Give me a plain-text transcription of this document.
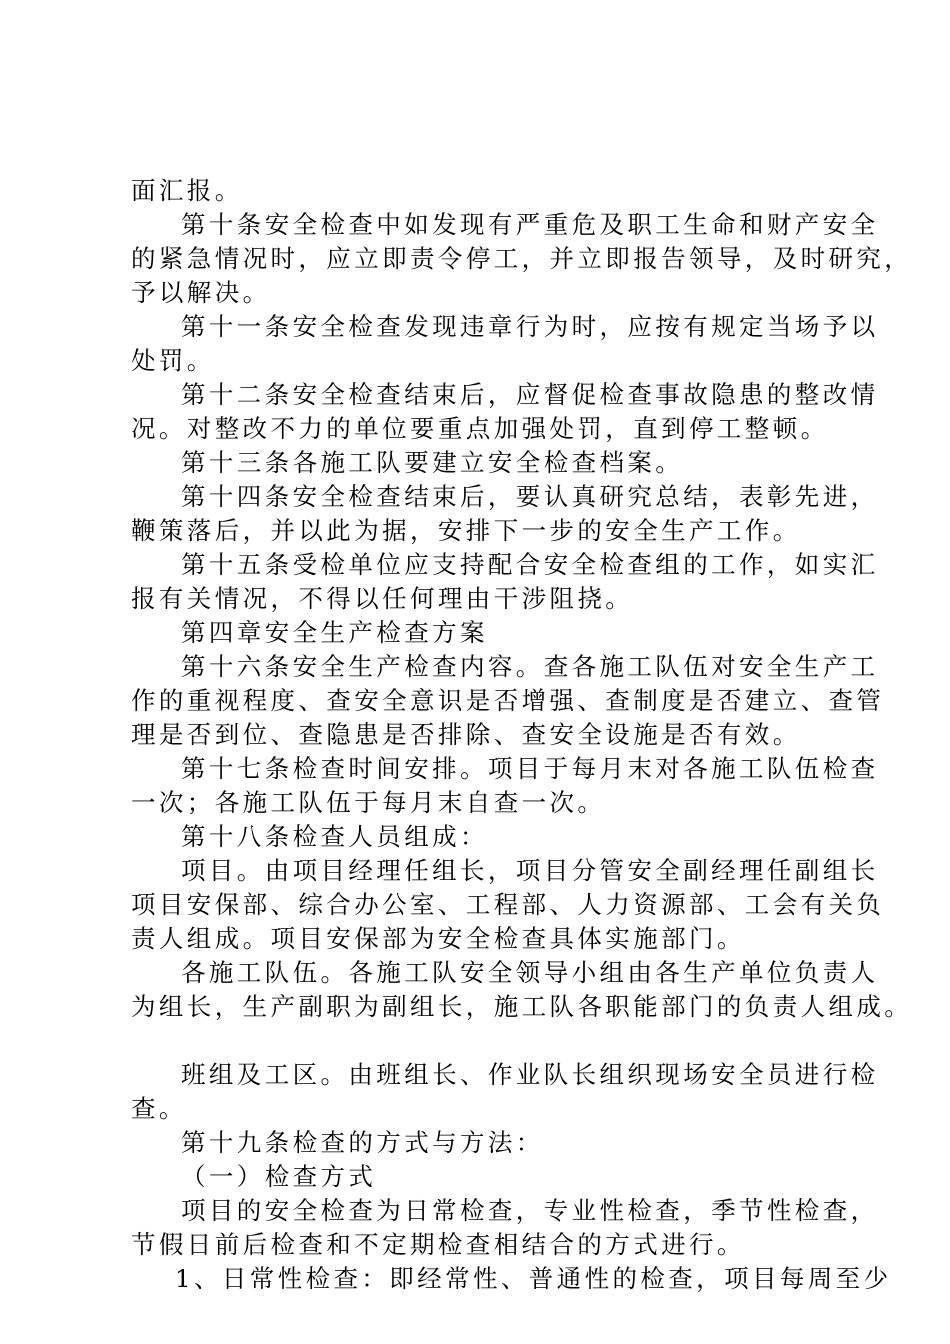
面汇报。
第十条安全检查中如发现有严重危及职工生命和财产安全
的紧急情况时，应立即责令停工，并立即报告领导，及时研究，
予以解决。
第十一条安全检查发现违章行为时，应按有规定当场予以
处罚。
第十二条安全检查结束后，应督促检查事故隐患的整改情
况。对整改不力的单位要重点加强处罚，直到停工整顿。
第十三条各施工队要建立安全检查档案。
第十四条安全检查结束后，要认真研究总结，表彰先进，
鞭策落后，并以此为据，安排下一步的安全生产工作。
第十五条受检单位应支持配合安全检查组的工作，如实汇
报有关情况，不得以任何理由干涉阻挠。
第四章安全生产检查方案
第十六条安全生产检查内容。查各施工队伍对安全生产工
作的重视程度、查安全意识是否增强、查制度是否建立、查管
理是否到位、查隐患是否排除、查安全设施是否有效。
第十七条检查时间安排。项目于每月末对各施工队伍检查
一次；各施工队伍于每月末自查一次。
第十八条检查人员组成：
项目。由项目经理任组长，项目分管安全副经理任副组长
项目安保部、综合办公室、工程部、人力资源部、工会有关负
责人组成。项目安保部为安全检查具体实施部门。
各施工队伍。各施工队安全领导小组由各生产单位负责人
为组长，生产副职为副组长，施工队各职能部门的负责人组成。
班组及工区。由班组长、作业队长组织现场安全员进行检
查。
第十九条检查的方式与方法：
（一）检查方式
项目的安全检查为日常检查，专业性检查，季节性检查，
节假日前后检查和不定期检查相结合的方式进行。
1、日常性检查：即经常性、普通性的检查，项目每周至少
